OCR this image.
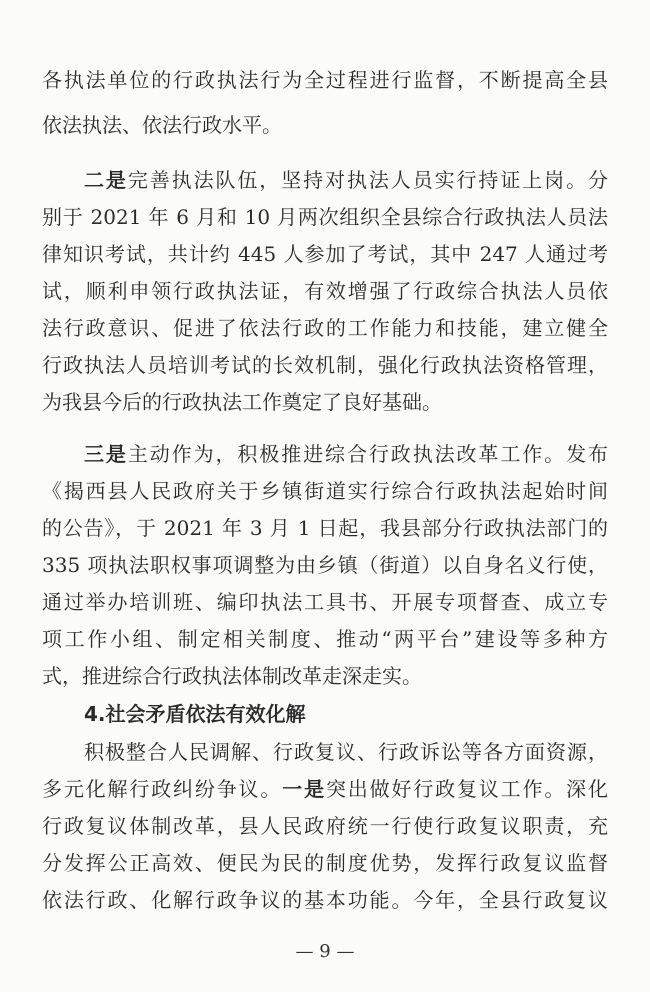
各执法单位的行政执法行为全过程进行监督，不断提高全县
依法执法、依法行政水平。
二是完善执法队伍，坚持对执法人员实行持证上岗。分
别于 2021 年 6 月和 10 月两次组织全县综合行政执法人员法
律知识考试，共计约 445 人参加了考试，其中 247 人通过考
试，顺利申领行政执法证，有效增强了行政综合执法人员依
法行政意识、促进了依法行政的工作能力和技能，建立健全
行政执法人员培训考试的长效机制，强化行政执法资格管理，
为我县今后的行政执法工作奠定了良好基础。
三是主动作为，积极推进综合行政执法改革工作。发布
《揭西县人民政府关于乡镇街道实行综合行政执法起始时间
的公告》，于 2021 年 3 月 1 日起，我县部分行政执法部门的
335 项执法职权事项调整为由乡镇（街道）以自身名义行使，
通过举办培训班、编印执法工具书、开展专项督查、成立专
项工作小组、制定相关制度、推动“两平台”建设等多种方
式，推进综合行政执法体制改革走深走实。
4.社会矛盾依法有效化解
积极整合人民调解、行政复议、行政诉讼等各方面资源，
多元化解行政纠纷争议。一是突出做好行政复议工作。深化
行政复议体制改革，县人民政府统一行使行政复议职责，充
分发挥公正高效、便民为民的制度优势，发挥行政复议监督
依法行政、化解行政争议的基本功能。今年，全县行政复议
— 9 —
